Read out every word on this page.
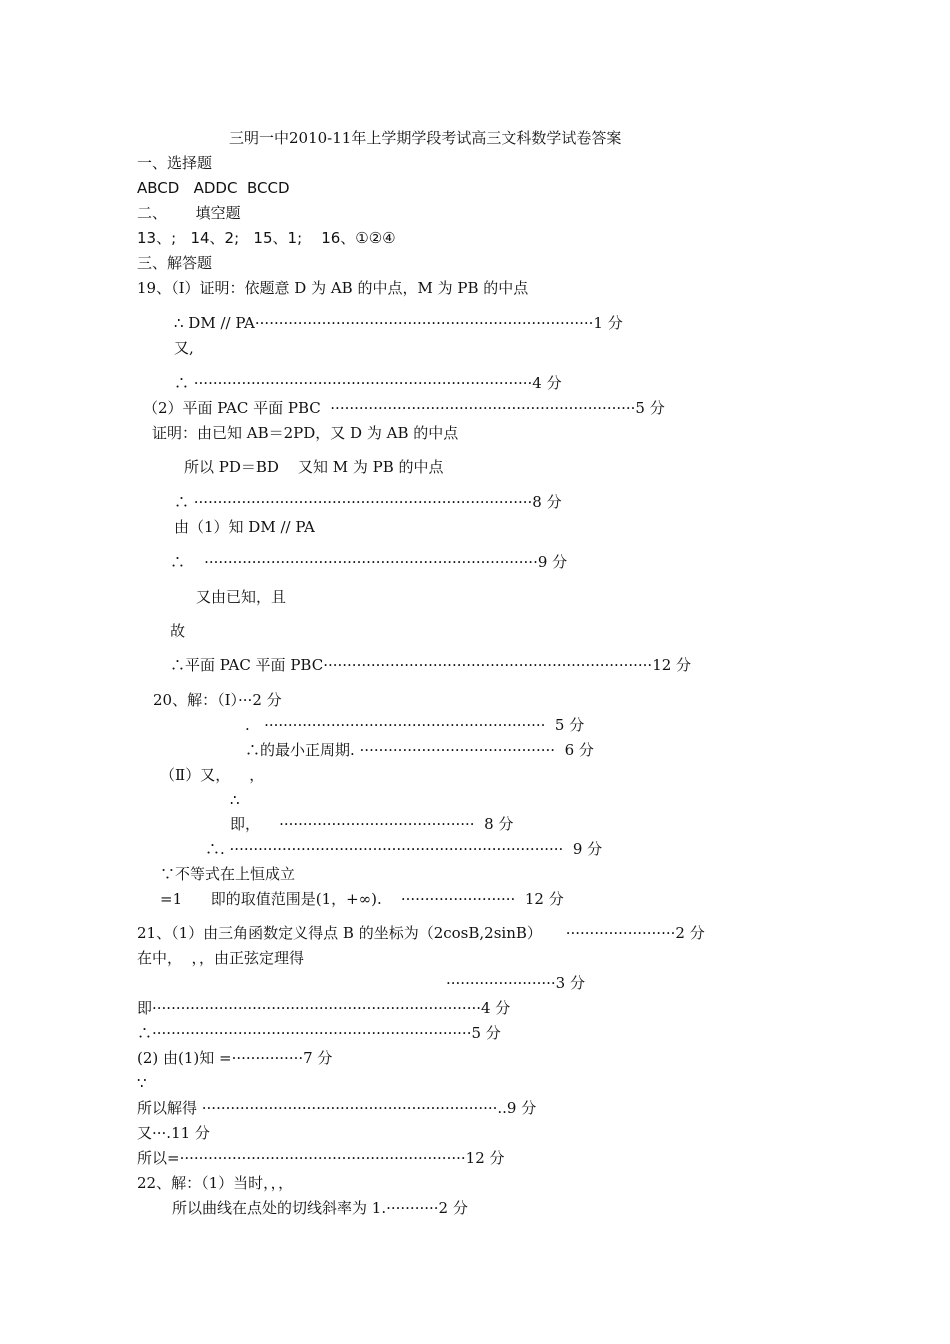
三明一中2010-11年上学期学段考试高三文科数学试卷答案
一、选择题
ABCD   ADDC  BCCD
二、      填空题
13、;   14、2;   15、1;    16、①②④
三、解答题
19、（Ⅰ）证明：依题意 D 为 AB 的中点，M 为 PB 的中点
∴ DM // PA·······································································1 分
又,
∴ ·······································································4 分
（2）平面 PAC 平面 PBC  ································································5 分
证明：由已知 AB＝2PD，又 D 为 AB 的中点
所以 PD＝BD    又知 M 为 PB 的中点
∴ ·······································································8 分
由（1）知 DM // PA
∴    ······································································9 分
又由已知，且
故
∴平面 PAC 平面 PBC·····································································12 分
20、解：（Ⅰ）···2 分
.   ···························································  5 分
∴的最小正周期. ·········································  6 分
（Ⅱ）又，    ，
∴
即，    ·········································  8 分
∴. ······································································  9 分
∵不等式在上恒成立
=1      即的取值范围是(1，+∞).    ························  12 分
21、（1）由三角函数定义得点 B 的坐标为（2cosB,2sinB）     ·······················2 分
在中，  ，，由正弦定理得
·······················3 分
即·····································································4 分
∴···································································5 分
(2) 由(1)知 =···············7 分
∵
所以解得 ······························································..9 分
又···.11 分
所以=····························································12 分
22、解：（1）当时，，，
所以曲线在点处的切线斜率为 1.···········2 分
